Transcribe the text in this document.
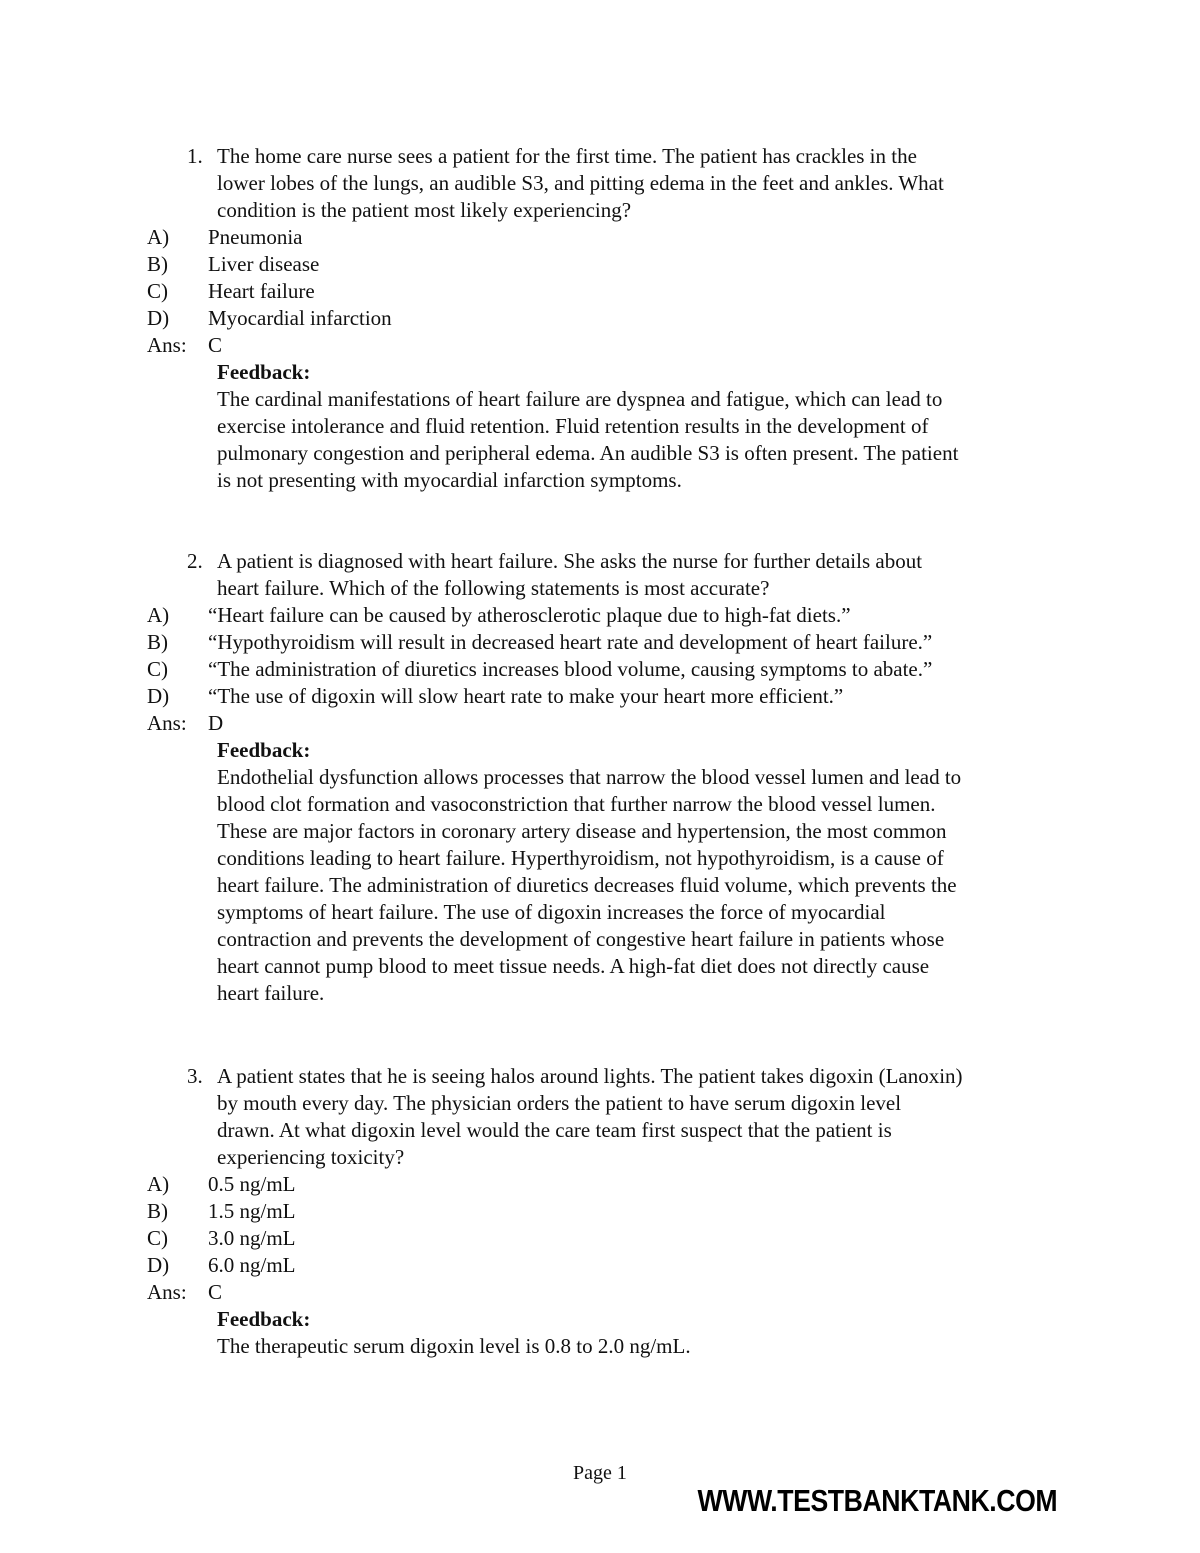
1. The home care nurse sees a patient for the first time. The patient has crackles in the
lower lobes of the lungs, an audible S3, and pitting edema in the feet and ankles. What
condition is the patient most likely experiencing?
A) Pneumonia
B) Liver disease
C) Heart failure
D) Myocardial infarction
Ans: C
Feedback:
The cardinal manifestations of heart failure are dyspnea and fatigue, which can lead to
exercise intolerance and fluid retention. Fluid retention results in the development of
pulmonary congestion and peripheral edema. An audible S3 is often present. The patient
is not presenting with myocardial infarction symptoms.
2. A patient is diagnosed with heart failure. She asks the nurse for further details about
heart failure. Which of the following statements is most accurate?
A) “Heart failure can be caused by atherosclerotic plaque due to high-fat diets.”
B) “Hypothyroidism will result in decreased heart rate and development of heart failure.”
C) “The administration of diuretics increases blood volume, causing symptoms to abate.”
D) “The use of digoxin will slow heart rate to make your heart more efficient.”
Ans: D
Feedback:
Endothelial dysfunction allows processes that narrow the blood vessel lumen and lead to
blood clot formation and vasoconstriction that further narrow the blood vessel lumen.
These are major factors in coronary artery disease and hypertension, the most common
conditions leading to heart failure. Hyperthyroidism, not hypothyroidism, is a cause of
heart failure. The administration of diuretics decreases fluid volume, which prevents the
symptoms of heart failure. The use of digoxin increases the force of myocardial
contraction and prevents the development of congestive heart failure in patients whose
heart cannot pump blood to meet tissue needs. A high-fat diet does not directly cause
heart failure.
3. A patient states that he is seeing halos around lights. The patient takes digoxin (Lanoxin)
by mouth every day. The physician orders the patient to have serum digoxin level
drawn. At what digoxin level would the care team first suspect that the patient is
experiencing toxicity?
A) 0.5 ng/mL
B) 1.5 ng/mL
C) 3.0 ng/mL
D) 6.0 ng/mL
Ans: C
Feedback:
The therapeutic serum digoxin level is 0.8 to 2.0 ng/mL.
Page 1
WWW.TESTBANKTANK.COM
